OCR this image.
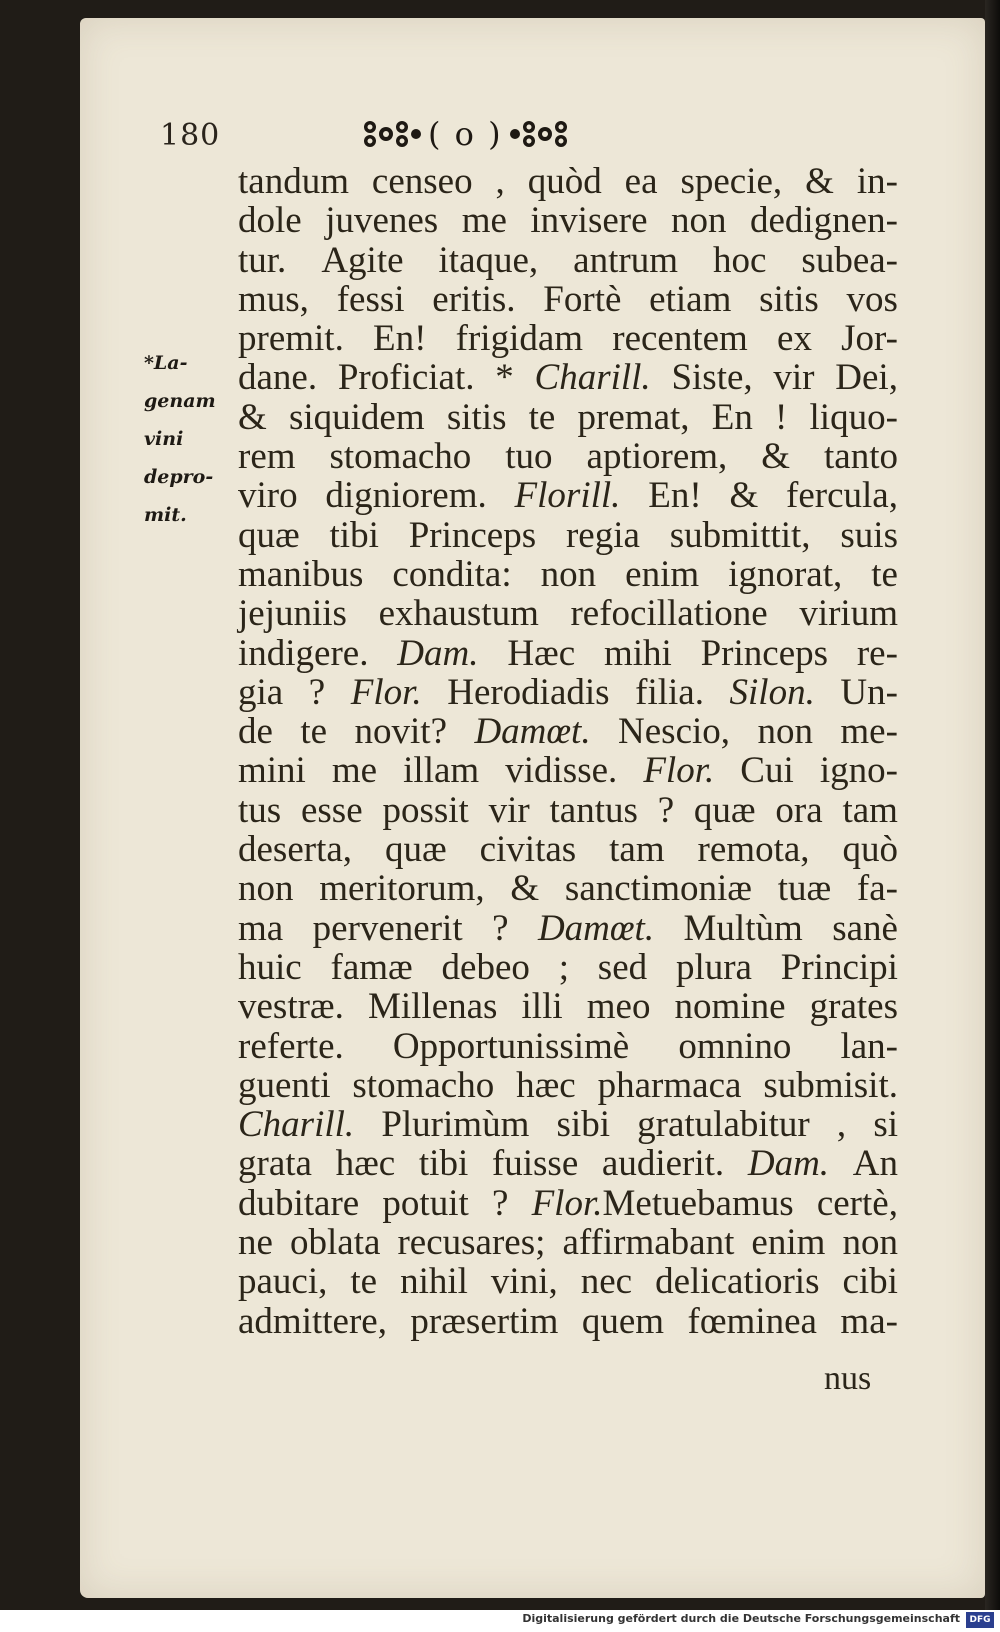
180	( o )
*La-
genam
vini
depro-
mit.
tandum censeo , quòd ea specie, & in-
dole juvenes me invisere non dedignen-
tur. Agite itaque, antrum hoc subea-
mus, fessi eritis. Fortè etiam sitis vos
premit. En! frigidam recentem ex Jor-
dane. Proficiat. * Charill. Siste, vir Dei,
& siquidem sitis te premat, En ! liquo-
rem stomacho tuo aptiorem, & tanto
viro digniorem. Florill. En! & fercula,
quæ tibi Princeps regia submittit, suis
manibus condita: non enim ignorat, te
jejuniis exhaustum refocillatione virium
indigere. Dam. Hæc mihi Princeps re-
gia ? Flor. Herodiadis filia. Silon. Un-
de te novit? Damœt. Nescio, non me-
mini me illam vidisse. Flor. Cui igno-
tus esse possit vir tantus ? quæ ora tam
deserta, quæ civitas tam remota, quò
non meritorum, & sanctimoniæ tuæ fa-
ma pervenerit ? Damœt. Multùm sanè
huic famæ debeo ; sed plura Principi
vestræ. Millenas illi meo nomine grates
referte. Opportunissimè omnino lan-
guenti stomacho hæc pharmaca submisit.
Charill. Plurimùm sibi gratulabitur , si
grata hæc tibi fuisse audierit. Dam. An
dubitare potuit ? Flor.Metuebamus certè,
ne oblata recusares; affirmabant enim non
pauci, te nihil vini, nec delicatioris cibi
admittere, præsertim quem fœminea ma-
nus
Digitalisierung gefördert durch die Deutsche Forschungsgemeinschaft	DFG
